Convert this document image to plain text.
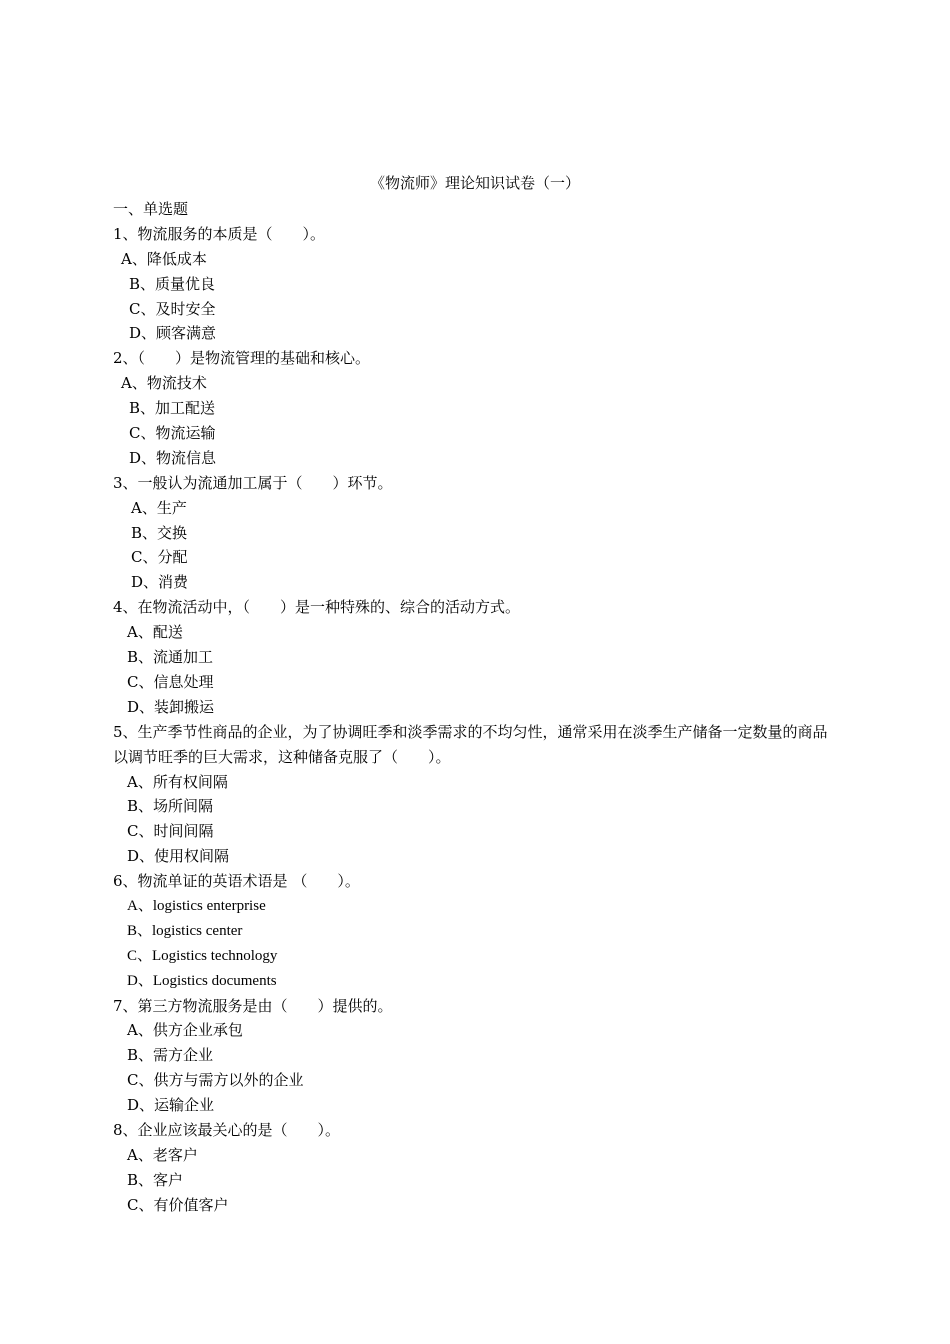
《物流师》理论知识试卷（一）
一、单选题
1、物流服务的本质是（　　）。
A、降低成本
B、质量优良
C、及时安全
D、顾客满意
2、（　　）是物流管理的基础和核心。
A、物流技术
B、加工配送
C、物流运输
D、物流信息
3、一般认为流通加工属于（　　）环节。
A、生产
B、交换
C、分配
D、消费
4、在物流活动中，（　　）是一种特殊的、综合的活动方式。
A、配送
B、流通加工
C、信息处理
D、装卸搬运
5、生产季节性商品的企业，为了协调旺季和淡季需求的不均匀性，通常采用在淡季生产储备一定数量的商品以调节旺季的巨大需求，这种储备克服了（　　）。
A、所有权间隔
B、场所间隔
C、时间间隔
D、使用权间隔
6、物流单证的英语术语是 （　　）。
A、logistics enterprise
B、logistics center
C、Logistics technology
D、Logistics documents
7、第三方物流服务是由（　　）提供的。
A、供方企业承包
B、需方企业
C、供方与需方以外的企业
D、运输企业
8、企业应该最关心的是（　　）。
A、老客户
B、客户
C、有价值客户
